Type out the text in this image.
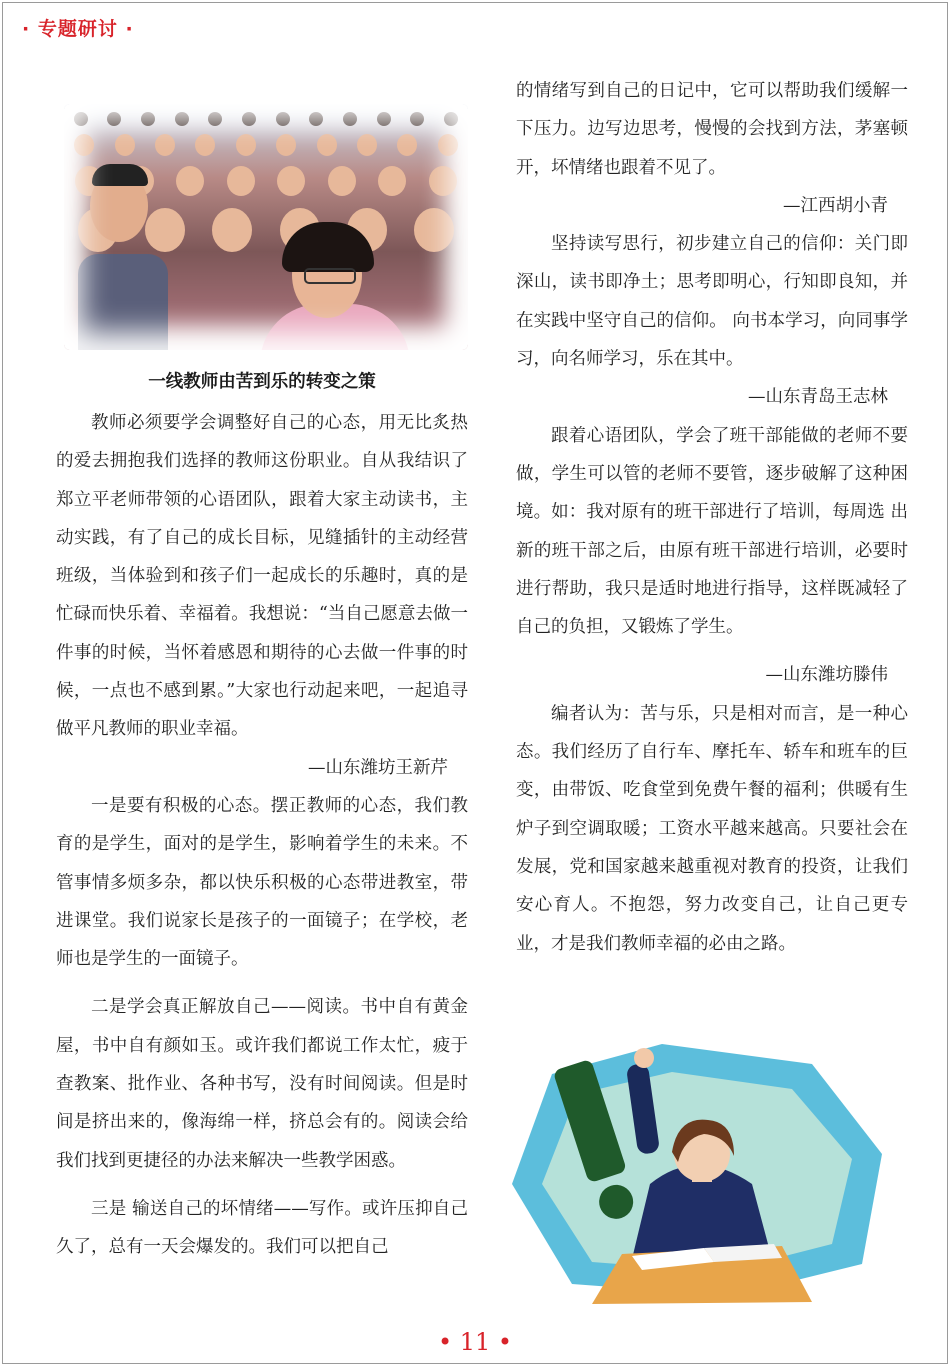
· 专题研讨 ·
一线教师由苦到乐的转变之策

教师必须要学会调整好自己的心态，用无比炙热的爱去拥抱我们选择的教师这份职业。自从我结识了郑立平老师带领的心语团队，跟着大家主动读书，主动实践，有了自己的成长目标，见缝插针的主动经营班级，当体验到和孩子们一起成长的乐趣时，真的是忙碌而快乐着、幸福着。我想说：“当自己愿意去做一件事的时候，当怀着感恩和期待的心去做一件事的时候，一点也不感到累。”大家也行动起来吧，一起追寻做平凡教师的职业幸福。

—山东潍坊王新芹

一是要有积极的心态。摆正教师的心态，我们教育的是学生，面对的是学生，影响着学生的未来。不管事情多烦多杂，都以快乐积极的心态带进教室，带进课堂。我们说家长是孩子的一面镜子；在学校，老师也是学生的一面镜子。

二是学会真正解放自己——阅读。书中自有黄金屋，书中自有颜如玉。或许我们都说工作太忙，疲于查教案、批作业、各种书写，没有时间阅读。但是时间是挤出来的，像海绵一样，挤总会有的。阅读会给我们找到更捷径的办法来解决一些教学困惑。

三是 输送自己的坏情绪——写作。或许压抑自己久了，总有一天会爆发的。我们可以把自己

的情绪写到自己的日记中，它可以帮助我们缓解一下压力。边写边思考，慢慢的会找到方法，茅塞顿开，坏情绪也跟着不见了。

—江西胡小青

坚持读写思行，初步建立自己的信仰：关门即深山，读书即净土；思考即明心，行知即良知，并在实践中坚守自己的信仰。 向书本学习，向同事学习，向名师学习，乐在其中。

—山东青岛王志林

跟着心语团队，学会了班干部能做的老师不要做，学生可以管的老师不要管，逐步破解了这种困境。如：我对原有的班干部进行了培训，每周选 出新的班干部之后，由原有班干部进行培训，必要时进行帮助，我只是适时地进行指导，这样既减轻了自己的负担，又锻炼了学生。

—山东潍坊滕伟

编者认为：苦与乐，只是相对而言，是一种心态。我们经历了自行车、摩托车、轿车和班车的巨变，由带饭、吃食堂到免费午餐的福利；供暖有生炉子到空调取暖；工资水平越来越高。只要社会在发展，党和国家越来越重视对教育的投资，让我们安心育人。不抱怨，努力改变自己，让自己更专业，才是我们教师幸福的必由之路。

• 11 •
